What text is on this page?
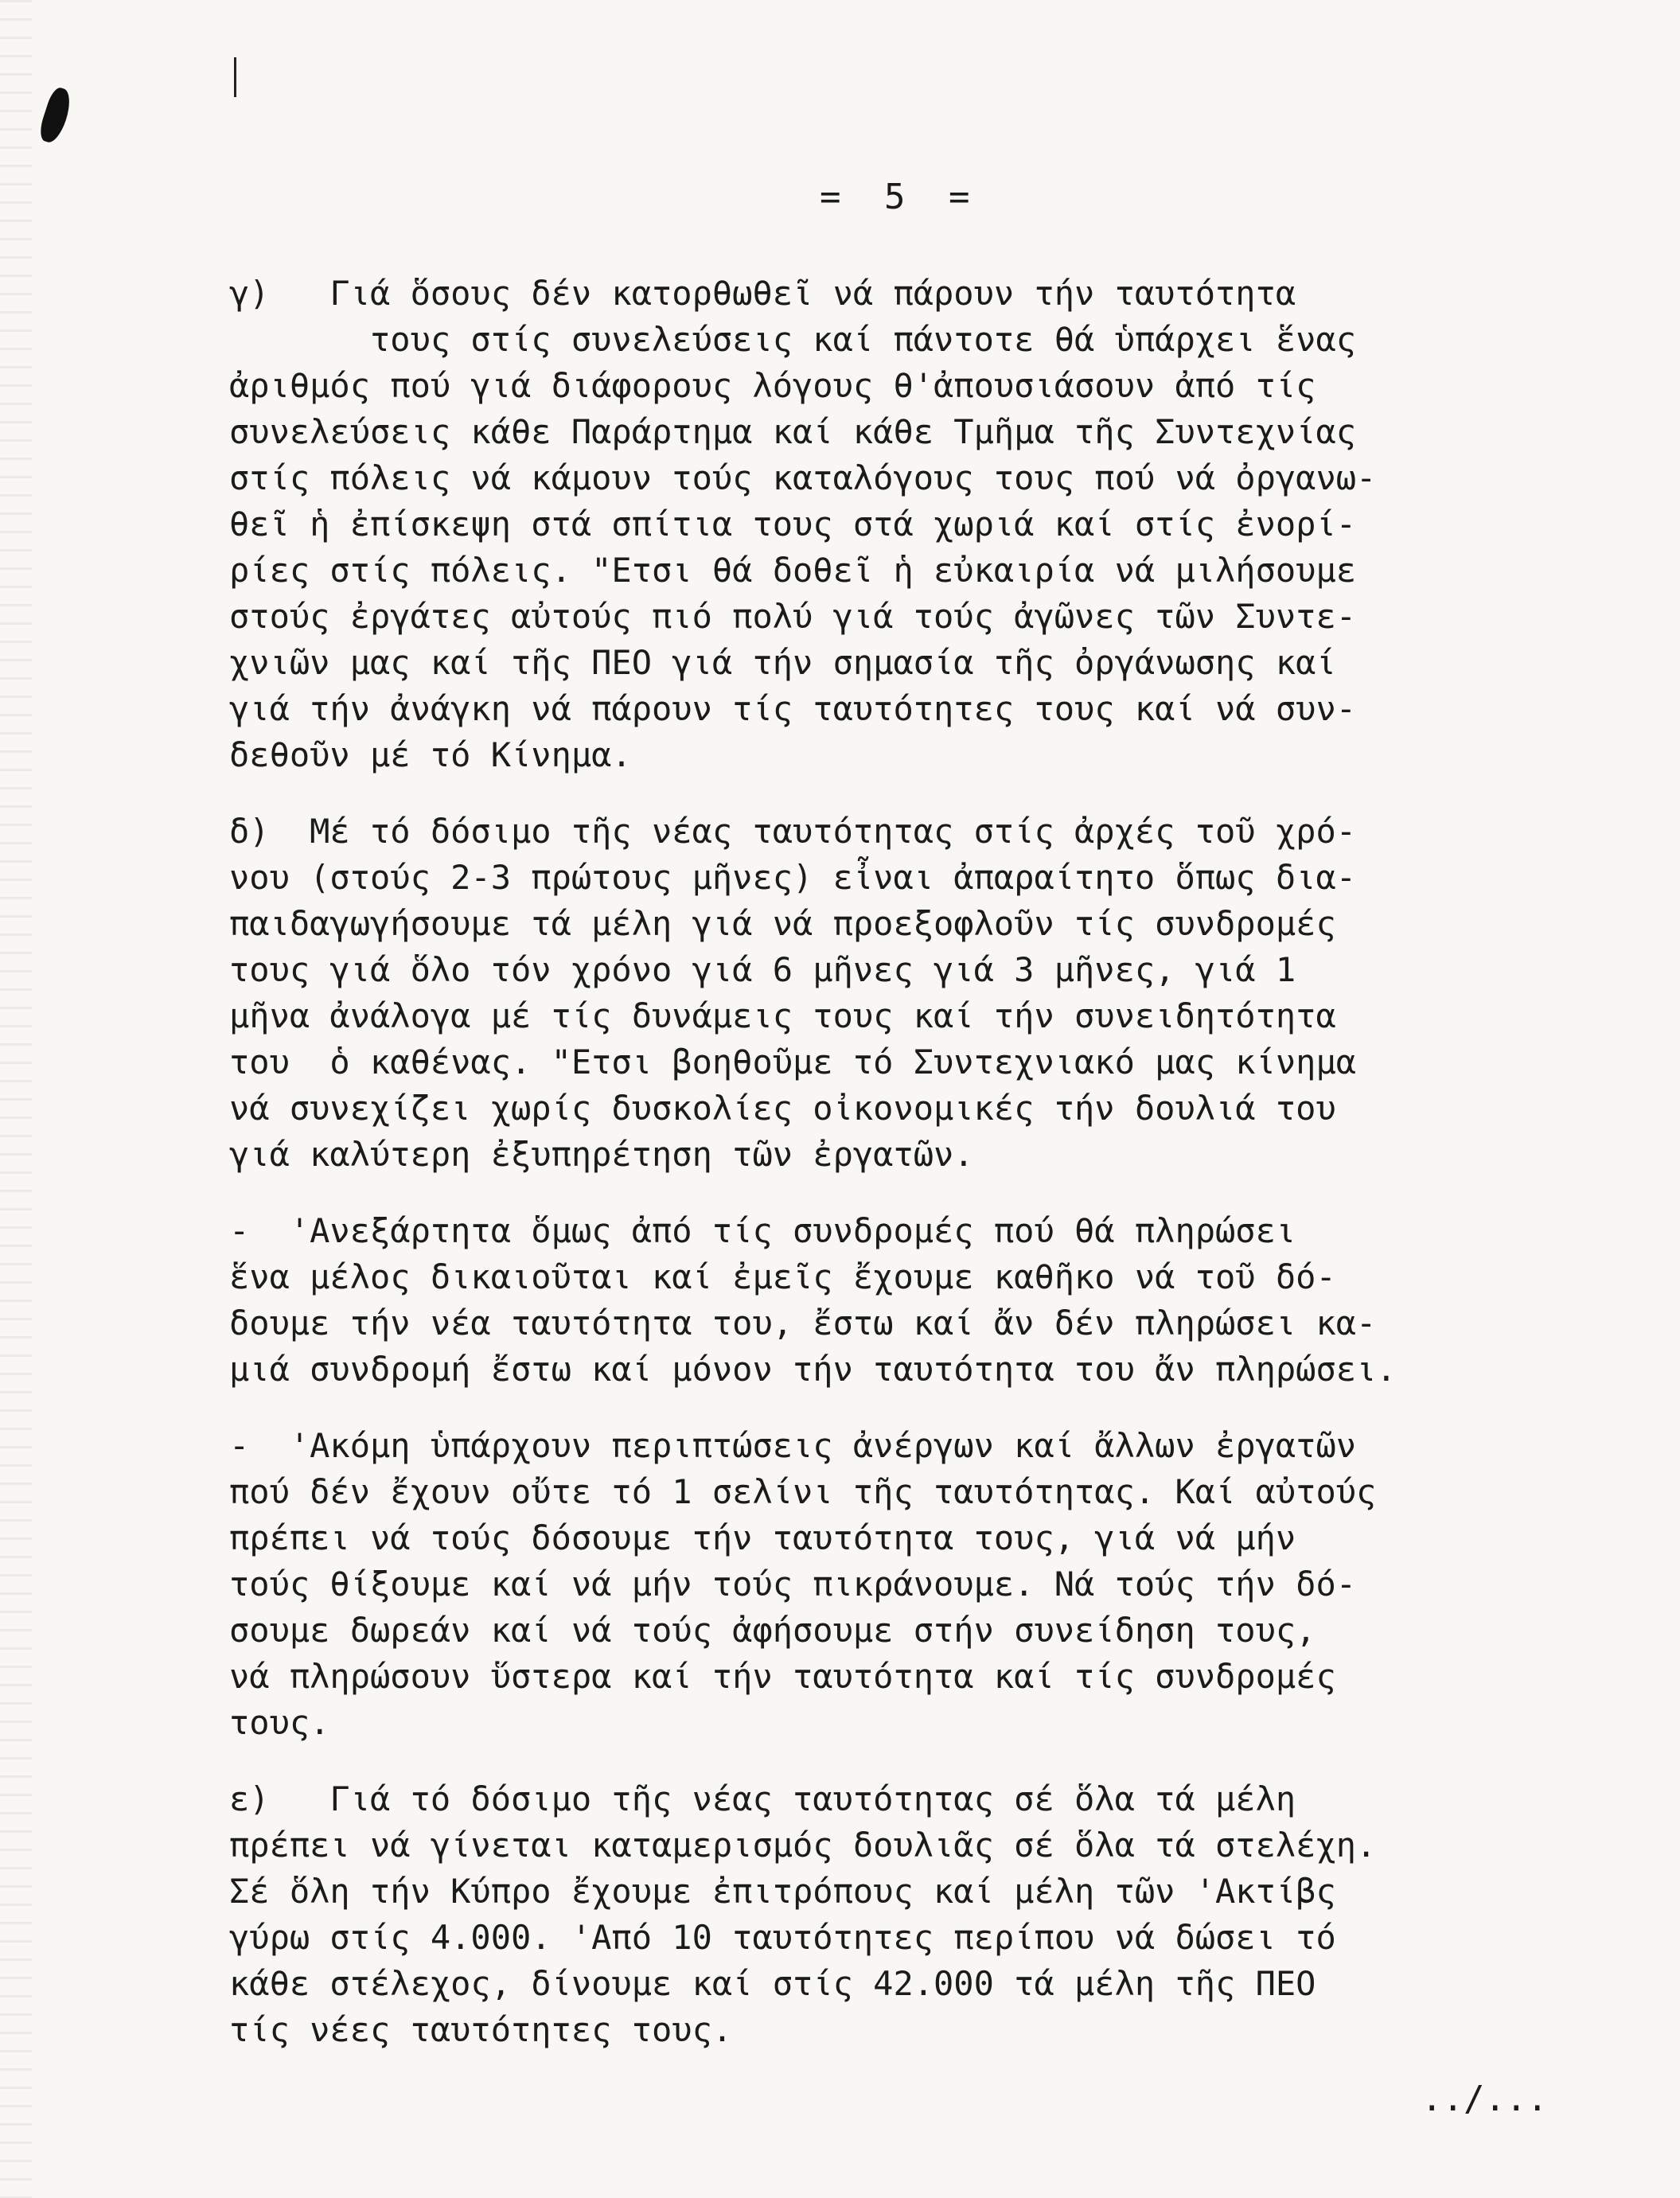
= 5 =
γ)   Γιά ὅσους δέν κατορθωθεῖ νά πάρουν τήν ταυτότητα
τους στίς συνελεύσεις καί πάντοτε θά ὑπάρχει ἕνας
ἀριθμός πού γιά διάφορους λόγους θ'ἀπουσιάσουν ἀπό τίς
συνελεύσεις κάθε Παράρτημα καί κάθε Τμῆμα τῆς Συντεχνίας
στίς πόλεις νά κάμουν τούς καταλόγους τους πού νά ὀργανω-
θεῖ ἡ ἐπίσκεψη στά σπίτια τους στά χωριά καί στίς ἐνορί-
ρίες στίς πόλεις. "Ετσι θά δοθεῖ ἡ εὐκαιρία νά μιλήσουμε
στούς ἐργάτες αὐτούς πιό πολύ γιά τούς ἀγῶνες τῶν Συντε-
χνιῶν μας καί τῆς ΠΕΟ γιά τήν σημασία τῆς ὀργάνωσης καί
γιά τήν ἀνάγκη νά πάρουν τίς ταυτότητες τους καί νά συν-
δεθοῦν μέ τό Κίνημα.
δ)  Μέ τό δόσιμο τῆς νέας ταυτότητας στίς ἀρχές τοῦ χρό-
νου (στούς 2-3 πρώτους μῆνες) εἶναι ἀπαραίτητο ὅπως δια-
παιδαγωγήσουμε τά μέλη γιά νά προεξοφλοῦν τίς συνδρομές
τους γιά ὅλο τόν χρόνο γιά 6 μῆνες γιά 3 μῆνες, γιά 1
μῆνα ἀνάλογα μέ τίς δυνάμεις τους καί τήν συνειδητότητα
του  ὁ καθένας. "Ετσι βοηθοῦμε τό Συντεχνιακό μας κίνημα
νά συνεχίζει χωρίς δυσκολίες οἰκονομικές τήν δουλιά του
γιά καλύτερη ἐξυπηρέτηση τῶν ἐργατῶν.
-  'Ανεξάρτητα ὅμως ἀπό τίς συνδρομές πού θά πληρώσει
ἕνα μέλος δικαιοῦται καί ἐμεῖς ἔχουμε καθῆκο νά τοῦ δό-
δουμε τήν νέα ταυτότητα του, ἔστω καί ἄν δέν πληρώσει κα-
μιά συνδρομή ἔστω καί μόνον τήν ταυτότητα του ἄν πληρώσει.
-  'Ακόμη ὑπάρχουν περιπτώσεις ἀνέργων καί ἄλλων ἐργατῶν
πού δέν ἔχουν οὔτε τό 1 σελίνι τῆς ταυτότητας. Καί αὐτούς
πρέπει νά τούς δόσουμε τήν ταυτότητα τους, γιά νά μήν
τούς θίξουμε καί νά μήν τούς πικράνουμε. Νά τούς τήν δό-
σουμε δωρεάν καί νά τούς ἀφήσουμε στήν συνείδηση τους,
νά πληρώσουν ὕστερα καί τήν ταυτότητα καί τίς συνδρομές
τους.
ε)   Γιά τό δόσιμο τῆς νέας ταυτότητας σέ ὅλα τά μέλη
πρέπει νά γίνεται καταμερισμός δουλιᾶς σέ ὅλα τά στελέχη.
Σέ ὅλη τήν Κύπρο ἔχουμε ἐπιτρόπους καί μέλη τῶν 'Ακτίβς
γύρω στίς 4.000. 'Από 10 ταυτότητες περίπου νά δώσει τό
κάθε στέλεχος, δίνουμε καί στίς 42.000 τά μέλη τῆς ΠΕΟ
τίς νέες ταυτότητες τους.
../...
